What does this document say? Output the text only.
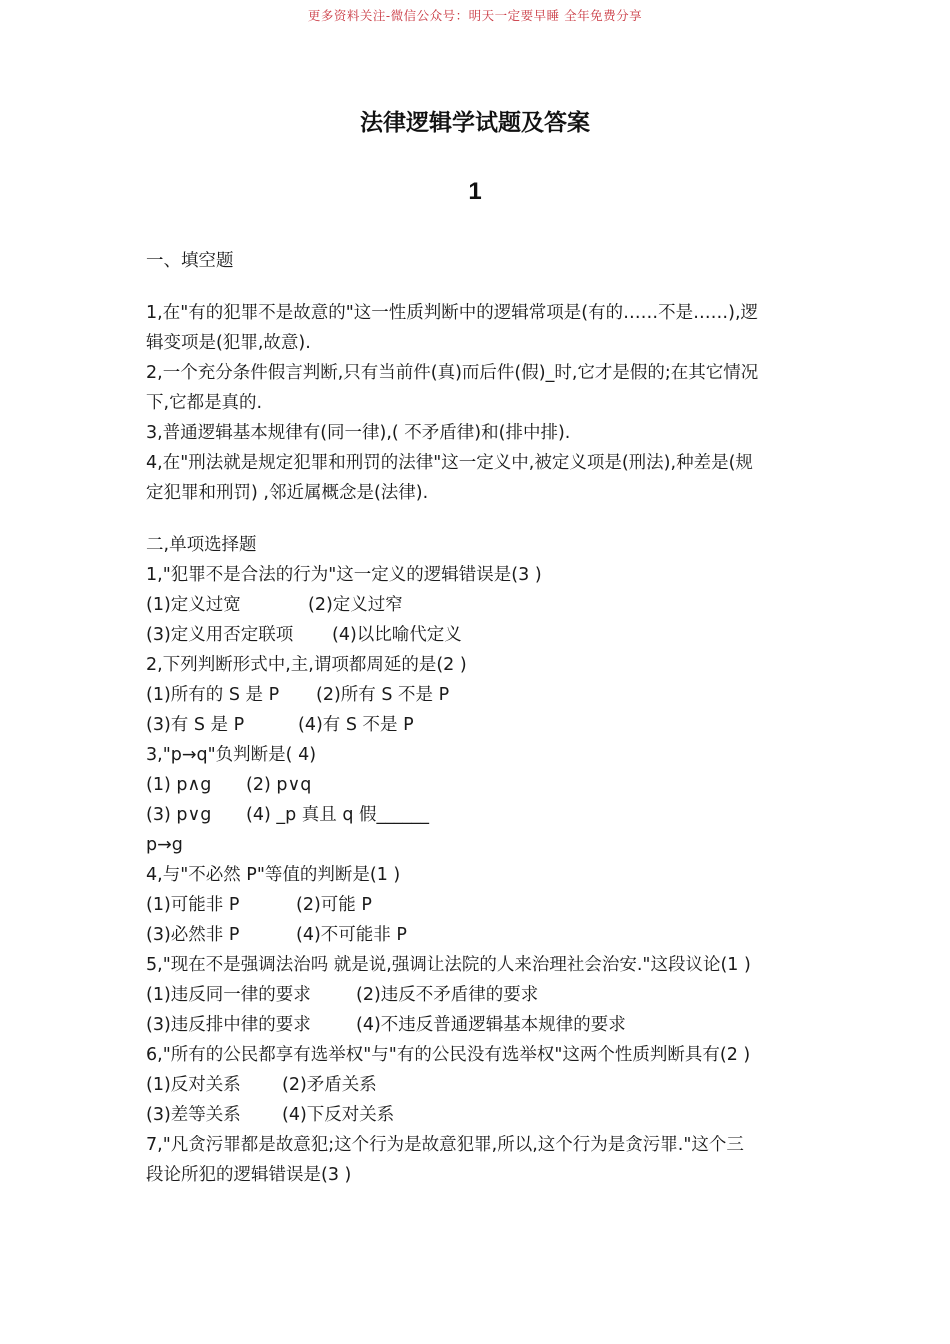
更多资料关注-微信公众号：明天一定要早睡 全年免费分享
法律逻辑学试题及答案
1
一、填空题
1,在"有的犯罪不是故意的"这一性质判断中的逻辑常项是(有的……不是……),逻
辑变项是(犯罪,故意).
2,一个充分条件假言判断,只有当前件(真)而后件(假)_时,它才是假的;在其它情况
下,它都是真的.
3,普通逻辑基本规律有(同一律),( 不矛盾律)和(排中排).
4,在"刑法就是规定犯罪和刑罚的法律"这一定义中,被定义项是(刑法),种差是(规
定犯罪和刑罚) ,邻近属概念是(法律).
二,单项选择题
1,"犯罪不是合法的行为"这一定义的逻辑错误是(3 )
(1)定义过宽	(2)定义过窄
(3)定义用否定联项 (4)以比喻代定义
2,下列判断形式中,主,谓项都周延的是(2 )
(1)所有的 S 是 P (2)所有 S 不是 P
(3)有 S 是 P	(4)有 S 不是 P
3,"p→q"负判断是( 4)
(1) p∧g (2) p∨q
(3) p∨g (4) _p 真且 q 假______
p→g
4,与"不必然 P"等值的判断是(1 )
(1)可能非 P	(2)可能 P
(3)必然非 P	(4)不可能非 P
5,"现在不是强调法治吗 就是说,强调让法院的人来治理社会治安."这段议论(1 )
(1)违反同一律的要求	(2)违反不矛盾律的要求
(3)违反排中律的要求	(4)不违反普通逻辑基本规律的要求
6,"所有的公民都享有选举权"与"有的公民没有选举权"这两个性质判断具有(2 )
(1)反对关系 (2)矛盾关系
(3)差等关系 (4)下反对关系
7,"凡贪污罪都是故意犯;这个行为是故意犯罪,所以,这个行为是贪污罪."这个三
段论所犯的逻辑错误是(3 )
